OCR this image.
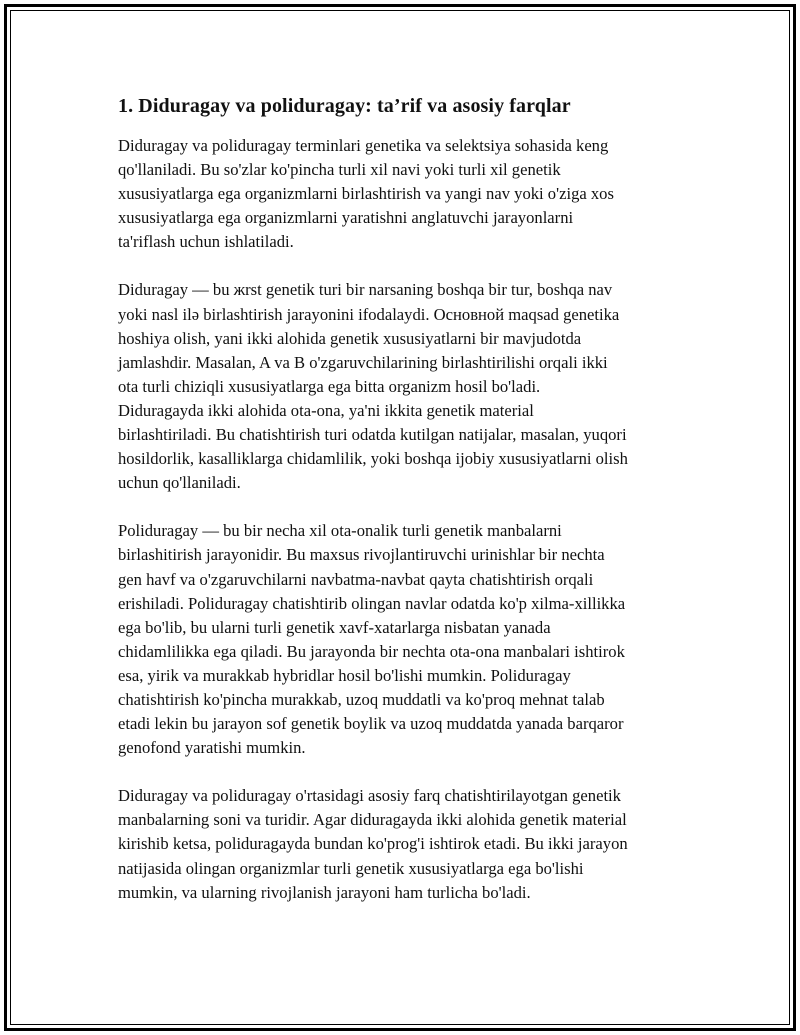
1. Diduragay va poliduragay: ta’rif va asosiy farqlar
Diduragay va poliduragay terminlari genetika va selektsiya sohasida keng
qo'llaniladi. Bu so'zlar ko'pincha turli xil navi yoki turli xil genetik
xususiyatlarga ega organizmlarni birlashtirish va yangi nav yoki o'ziga xos
xususiyatlarga ega organizmlarni yaratishni anglatuvchi jarayonlarni
ta'riflash uchun ishlatiladi.
Diduragay — bu жrst genetik turi bir narsaning boshqa bir tur, boshqa nav
yoki nasl ilə birlashtirish jarayonini ifodalaydi. Основной maqsad genetika
hoshiya olish, yani ikki alohida genetik xususiyatlarni bir mavjudotda
jamlashdir. Masalan, A va B o'zgaruvchilarining birlashtirilishi orqali ikki
ota turli chiziqli xususiyatlarga ega bitta organizm hosil bo'ladi.
Diduragayda ikki alohida ota-ona, ya'ni ikkita genetik material
birlashtiriladi. Bu chatishtirish turi odatda kutilgan natijalar, masalan, yuqori
hosildorlik, kasalliklarga chidamlilik, yoki boshqa ijobiy xususiyatlarni olish
uchun qo'llaniladi.
Poliduragay — bu bir necha xil ota-onalik turli genetik manbalarni
birlashitirish jarayonidir. Bu maxsus rivojlantiruvchi urinishlar bir nechta
gen havf va o'zgaruvchilarni navbatma-navbat qayta chatishtirish orqali
erishiladi. Poliduragay chatishtirib olingan navlar odatda ko'p xilma-xillikka
ega bo'lib, bu ularni turli genetik xavf-xatarlarga nisbatan yanada
chidamlilikka ega qiladi. Bu jarayonda bir nechta ota-ona manbalari ishtirok
esa, yirik va murakkab hybridlar hosil bo'lishi mumkin. Poliduragay
chatishtirish ko'pincha murakkab, uzoq muddatli va ko'proq mehnat talab
etadi lekin bu jarayon sof genetik boylik va uzoq muddatda yanada barqaror
genofond yaratishi mumkin.
Diduragay va poliduragay o'rtasidagi asosiy farq chatishtirilayotgan genetik
manbalarning soni va turidir. Agar diduragayda ikki alohida genetik material
kirishib ketsa, poliduragayda bundan ko'prog'i ishtirok etadi. Bu ikki jarayon
natijasida olingan organizmlar turli genetik xususiyatlarga ega bo'lishi
mumkin, va ularning rivojlanish jarayoni ham turlicha bo'ladi.
